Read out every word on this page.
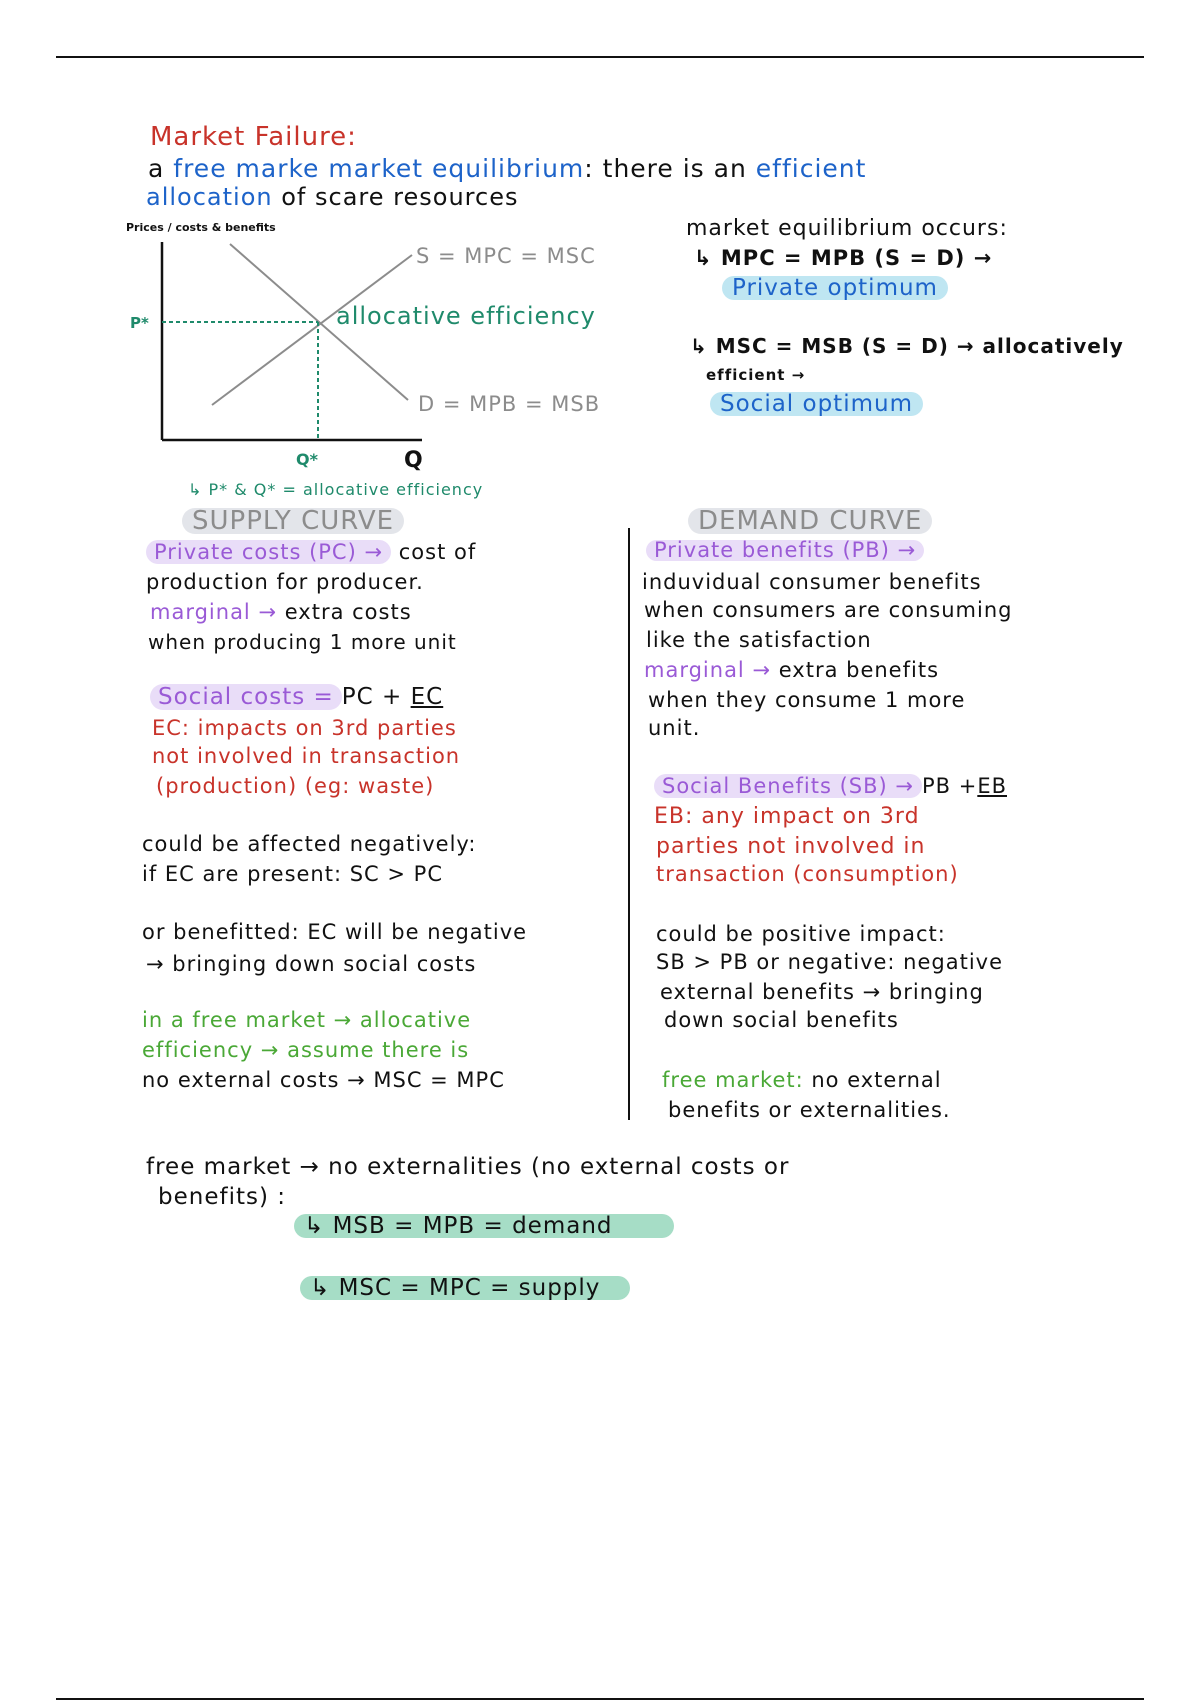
Market Failure:
a free marke market equilibrium: there is an efficient
allocation of scare resources
Prices / costs & benefits
P*
Q*	Q
S = MPC = MSC
D = MPB = MSB
allocative efficiency
↳ P* & Q* = allocative efficiency
market equilibrium occurs:
↳ MPC = MPB (S = D) →
Private optimum
↳ MSC = MSB (S = D) → allocatively
efficient →
Social optimum
SUPPLY CURVE
Private costs (PC) → cost of
production for producer.
marginal → extra costs
when producing 1 more unit
Social costs = PC + EC
EC: impacts on 3rd parties
not involved in transaction
(production) (eg: waste)
could be affected negatively:
if EC are present: SC > PC
or benefitted: EC will be negative
→ bringing down social costs
in a free market → allocative
efficiency → assume there is
no external costs → MSC = MPC
DEMAND CURVE
Private benefits (PB) →
induvidual consumer benefits
when consumers are consuming
like the satisfaction
marginal → extra benefits
when they consume 1 more
unit.
Social Benefits (SB) → PB +EB
EB: any impact on 3rd
parties not involved in
transaction (consumption)
could be positive impact:
SB > PB or negative: negative
external benefits → bringing
down social benefits
free market: no external
benefits or externalities.
free market → no externalities (no external costs or
benefits) :
↳ MSB = MPB = demand
↳ MSC = MPC = supply
